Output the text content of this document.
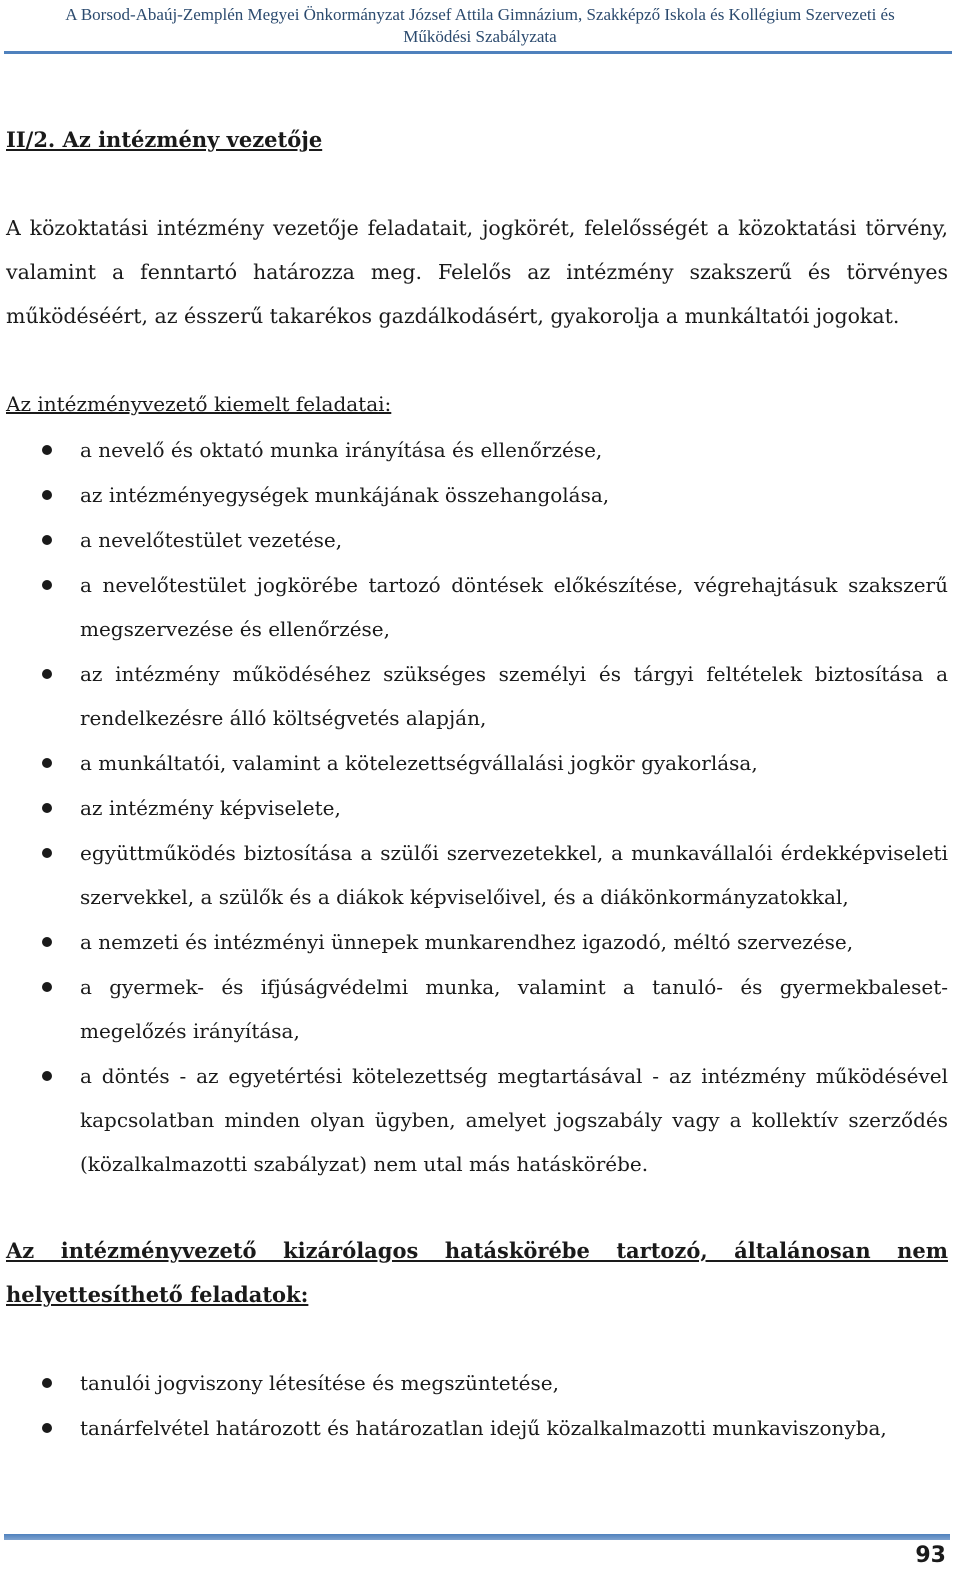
A Borsod-Abaúj-Zemplén Megyei Önkormányzat József Attila Gimnázium, Szakképző Iskola és Kollégium Szervezeti és
Működési Szabályzata
II/2. Az intézmény vezetője

A közoktatási intézmény vezetője feladatait, jogkörét, felelősségét a közoktatási törvény, valamint a fenntartó határozza meg. Felelős az intézmény szakszerű és törvényes működéséért, az ésszerű takarékos gazdálkodásért, gyakorolja a munkáltatói jogokat.

Az intézményvezető kiemelt feladatai:
a nevelő és oktató munka irányítása és ellenőrzése,
az intézményegységek munkájának összehangolása,
a nevelőtestület vezetése,
a nevelőtestület jogkörébe tartozó döntések előkészítése, végrehajtásuk szakszerű megszervezése és ellenőrzése,
az intézmény működéséhez szükséges személyi és tárgyi feltételek biztosítása a rendelkezésre álló költségvetés alapján,
a munkáltatói, valamint a kötelezettségvállalási jogkör gyakorlása,
az intézmény képviselete,
együttműködés biztosítása a szülői szervezetekkel, a munkavállalói érdekképviseleti szervekkel, a szülők és a diákok képviselőivel, és a diákönkormányzatokkal,
a nemzeti és intézményi ünnepek munkarendhez igazodó, méltó szervezése,
a gyermek- és ifjúságvédelmi munka, valamint a tanuló- és gyermekbaleset-megelőzés irányítása,
a döntés - az egyetértési kötelezettség megtartásával - az intézmény működésével kapcsolatban minden olyan ügyben, amelyet jogszabály vagy a kollektív szerződés (közalkalmazotti szabályzat) nem utal más hatáskörébe.
Az intézményvezető kizárólagos hatáskörébe tartozó, általánosan nem helyettesíthető feladatok:
tanulói jogviszony létesítése és megszüntetése,
tanárfelvétel határozott és határozatlan idejű közalkalmazotti munkaviszonyba,
93
